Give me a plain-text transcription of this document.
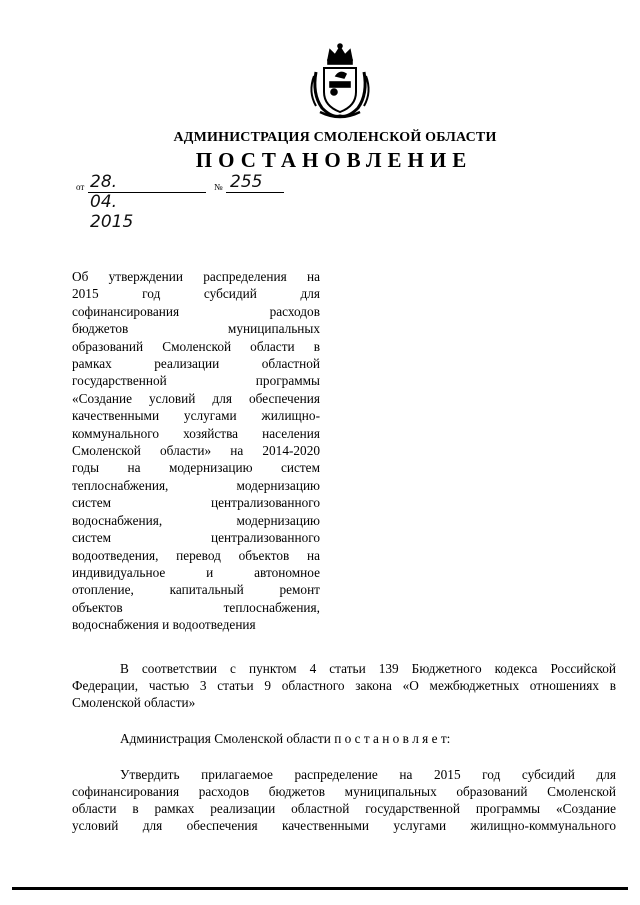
АДМИНИСТРАЦИЯ СМОЛЕНСКОЙ ОБЛАСТИ
ПОСТАНОВЛЕНИЕ
от 28. 04. 2015
№ 255
Об утверждении распределения на
2015 год субсидий для
софинансирования расходов
бюджетов муниципальных
образований Смоленской области в
рамках реализации областной
государственной программы
«Создание условий для обеспечения
качественными услугами жилищно-
коммунального хозяйства населения
Смоленской области» на 2014-2020
годы на модернизацию систем
теплоснабжения, модернизацию
систем централизованного
водоснабжения, модернизацию
систем централизованного
водоотведения, перевод объектов на
индивидуальное и автономное
отопление, капитальный ремонт
объектов теплоснабжения,
водоснабжения и водоотведения
В соответствии с пунктом 4 статьи 139 Бюджетного кодекса Российской
Федерации, частью 3 статьи 9 областного закона «О межбюджетных отношениях в
Смоленской области»
Администрация Смоленской области п о с т а н о в л я е т:
Утвердить прилагаемое распределение на 2015 год субсидий для
софинансирования расходов бюджетов муниципальных образований Смоленской
области в рамках реализации областной государственной программы «Создание
условий для обеспечения качественными услугами жилищно-коммунального
